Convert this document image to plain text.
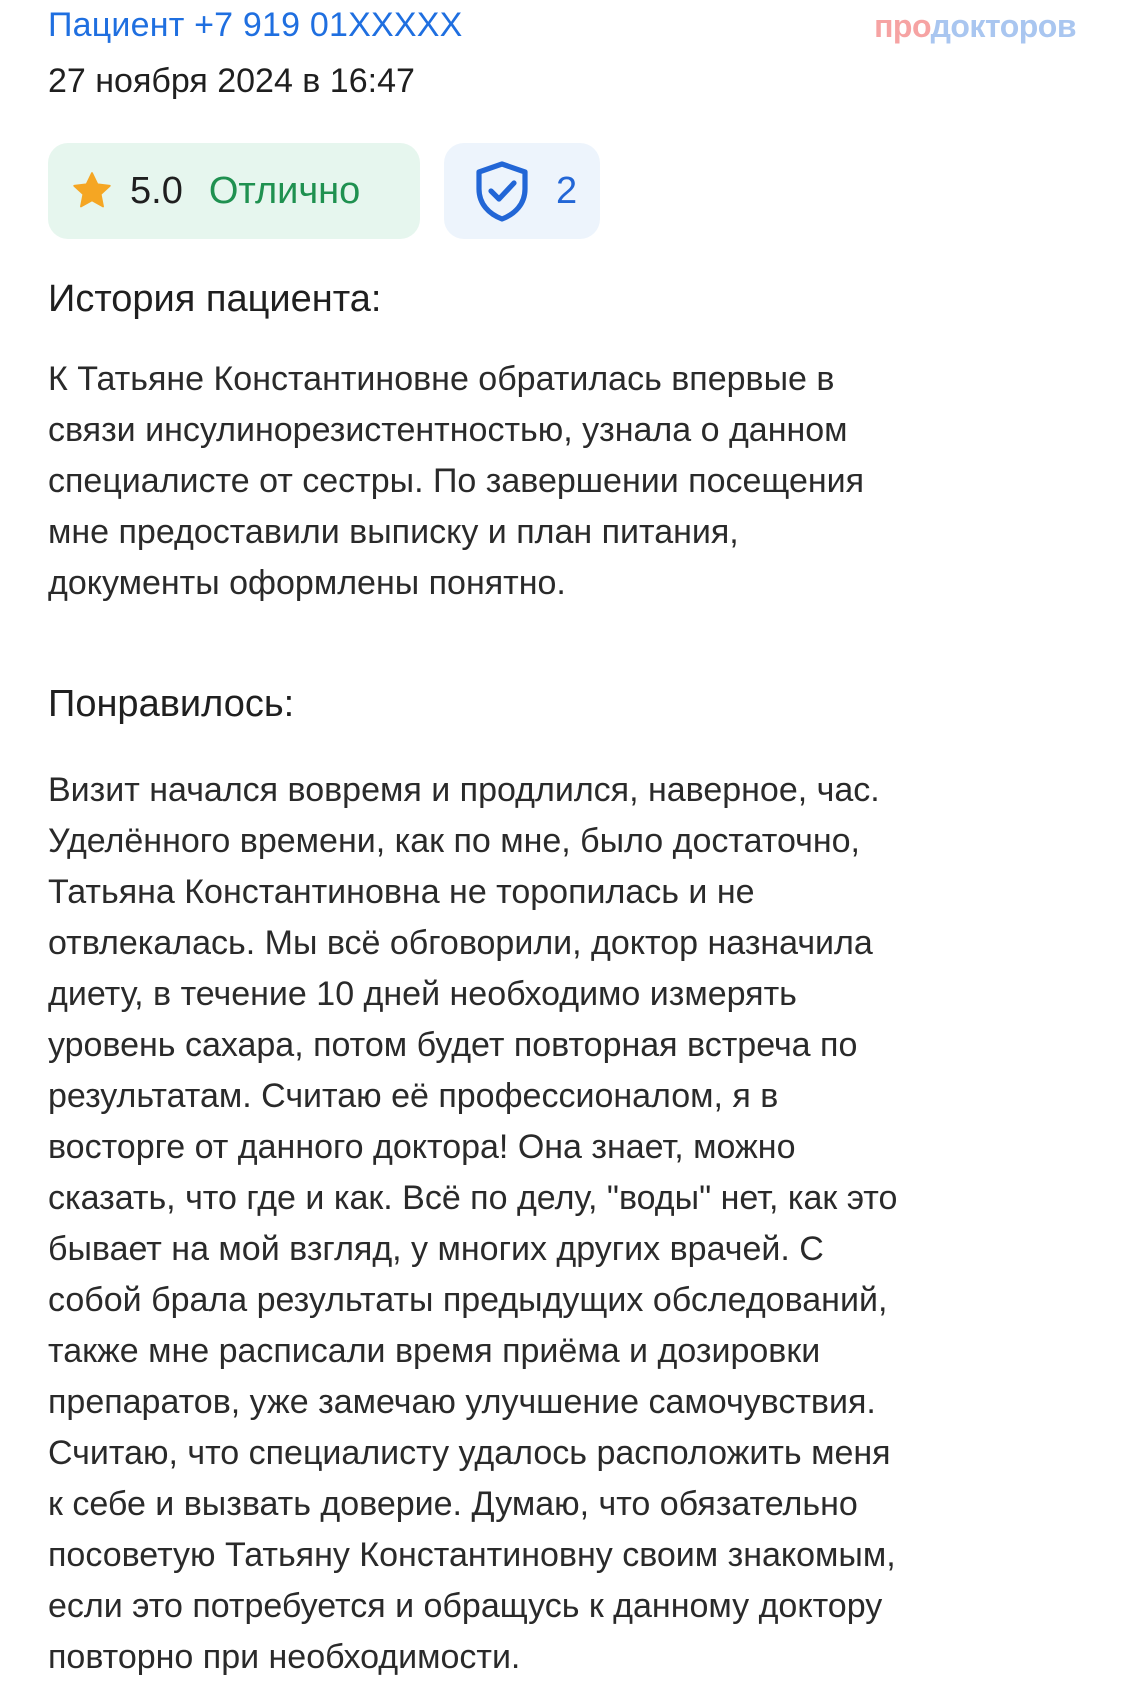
Пациент +7 919 01XXXXX
27 ноября 2024 в 16:47
продокторов
5.0 Отлично	2
История пациента:
К Татьяне Константиновне обратилась впервые в
связи инсулинорезистентностью, узнала о данном
специалисте от сестры. По завершении посещения
мне предоставили выписку и план питания,
документы оформлены понятно.
Понравилось:
Визит начался вовремя и продлился, наверное, час.
Уделённого времени, как по мне, было достаточно,
Татьяна Константиновна не торопилась и не
отвлекалась. Мы всё обговорили, доктор назначила
диету, в течение 10 дней необходимо измерять
уровень сахара, потом будет повторная встреча по
результатам. Считаю её профессионалом, я в
восторге от данного доктора! Она знает, можно
сказать, что где и как. Всё по делу, "воды" нет, как это
бывает на мой взгляд, у многих других врачей. С
собой брала результаты предыдущих обследований,
также мне расписали время приёма и дозировки
препаратов, уже замечаю улучшение самочувствия.
Считаю, что специалисту удалось расположить меня
к себе и вызвать доверие. Думаю, что обязательно
посоветую Татьяну Константиновну своим знакомым,
если это потребуется и обращусь к данному доктору
повторно при необходимости.
